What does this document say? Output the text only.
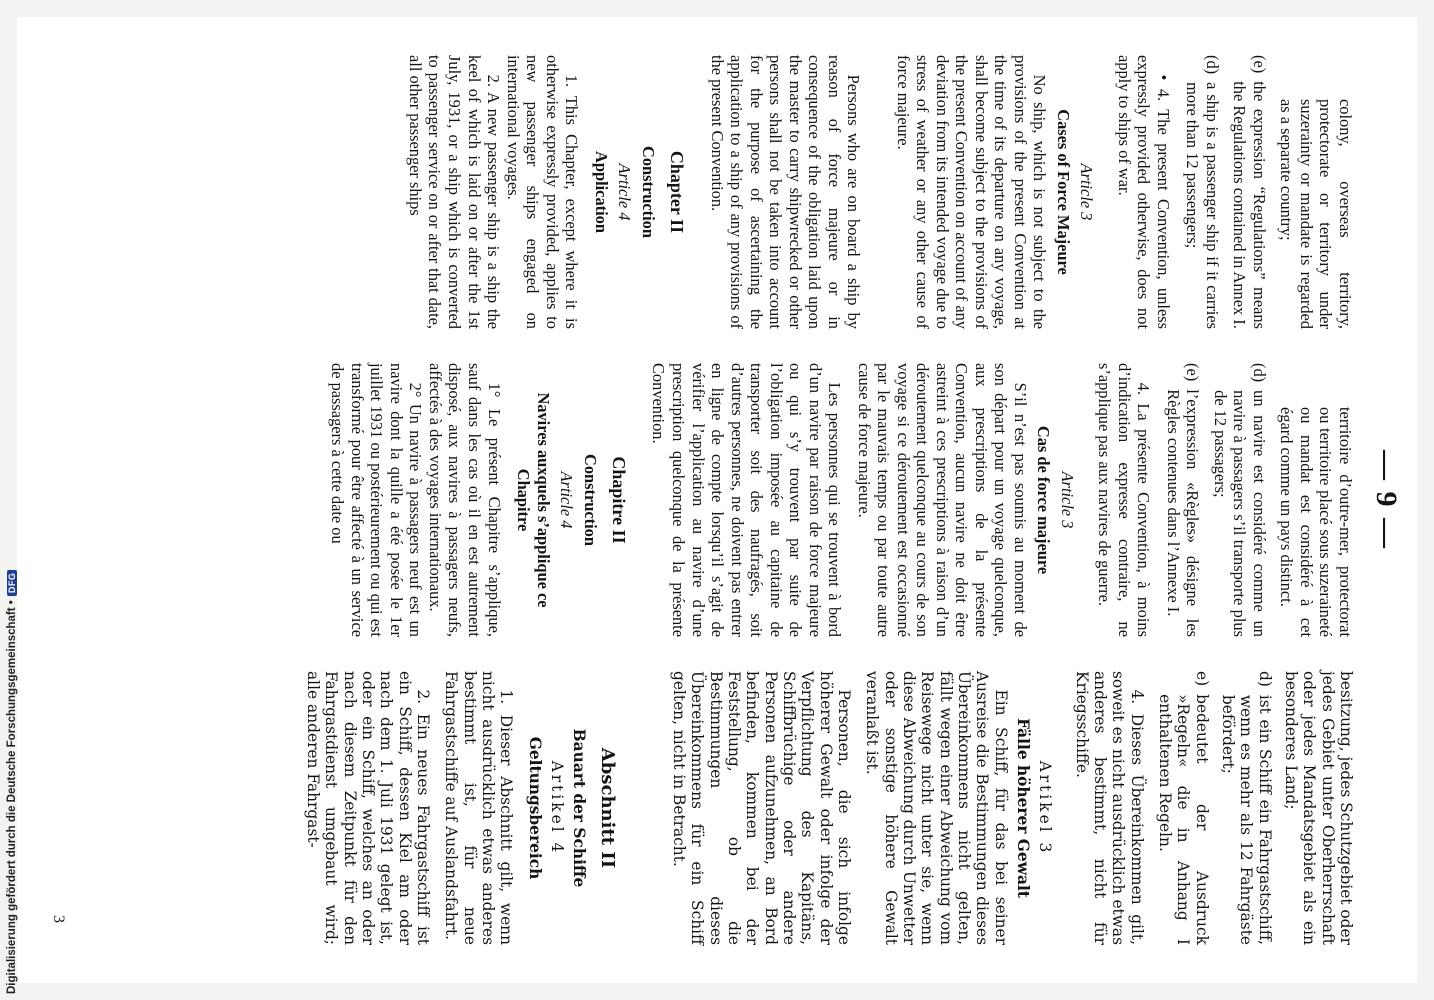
— 9 —

colony, overseas territory, protectorate or territory under suzerainty or mandate is regarded as a separate country;

(e)
the expression “Regulations” means the Regulations contained in Annex I.
(d)
a ship is a passenger ship if it carries more than 12 passengers;

• 4. The present Convention, unless expressly provided otherwise, does not apply to ships of war.

Article 3

Cases of Force Majeure

No ship, which is not subject to the provisions of the present Convention at the time of its departure on any voyage, shall become subject to the provisions of the present Convention on account of any deviation from its intended voyage due to stress of weather or any other cause of force majeure.

Persons who are on board a ship by reason of force majeure or in consequence of the obligation laid upon the master to carry shipwrecked or other persons shall not be taken into account for the purpose of ascertaining the application to a ship of any provisions of the present Convention.

Chapter II

Construction

Article 4

Application

1. This Chapter, except where it is otherwise expressly provided, applies to new passenger ships engaged on international voyages.

2. A new passenger ship is a ship the keel of which is laid on or after the 1st July, 1931, or a ship which is converted to passenger service on or after that date, all other passenger ships

territoire d’outre-mer, protectorat ou territoire placé sous suzeraineté ou mandat est considéré à cet égard comme un pays distinct.

(d)
un navire est considéré comme un navire à passagers s’il transporte plus de 12 passagers;
(e)
l’expression «Règles» désigne les Règles contenues dans l’Annexe I.

4. La présente Convention, à moins d’indication expresse contraire, ne s’applique pas aux navires de guerre.

Article 3

Cas de force majeure

S’il n’est pas soumis au moment de son départ pour un voyage quelconque, aux prescriptions de la présente Convention, aucun navire ne doit être astreint à ces prescriptions à raison d’un déroutement quelconque au cours de son voyage si ce déroutement est occasionné par le mauvais temps ou par toute autre cause de force majeure.

Les personnes qui se trouvent à bord d’un navire par raison de force majeure ou qui s’y trouvent par suite de l’obligation imposée au capitaine de transporter soit des naufragés, soit d’autres personnes, ne doivent pas entrer en ligne de compte lorsqu’il s’agit de vérifier l’application au navire d’une prescription quelconque de la présente Convention.

Chapitre II

Construction

Article 4

Navires auxquels s’applique ce Chapitre

1° Le présent Chapitre s’applique, sauf dans les cas où il en est autrement disposé, aux navires à passagers neufs, affectés à des voyages internationaux.

2° Un navire à passagers neuf est un navire dont la quille a été posée le 1er juillet 1931 ou postérieurement ou qui est transformé pour être affecté à un service de passagers à cette date ou

besitzung, jedes Schutzgebiet oder jedes Gebiet unter Oberherrschaft oder jedes Mandatsgebiet als ein besonderes Land;

d)
ist ein Schiff ein Fahrgastschiff, wenn es mehr als 12 Fahrgäste befördert;
e)
bedeutet der Ausdruck »Regeln« die in Anhang I enthaltenen Regeln.

4. Dieses Übereinkommen gilt, soweit es nicht ausdrücklich etwas anderes bestimmt, nicht für Kriegsschiffe.

Artikel 3

Fälle höherer Gewalt

Ein Schiff, für das bei seiner Ausreise die Bestimmungen dieses Übereinkommens nicht gelten, fällt wegen einer Abweichung vom Reisewege nicht unter sie, wenn diese Abweichung durch Unwetter oder sonstige höhere Gewalt veranlaßt ist.

Personen, die sich infolge höherer Gewalt oder infolge der Verpflichtung des Kapitäns, Schiffbrüchige oder andere Personen aufzunehmen, an Bord befinden, kommen bei der Feststellung, ob die Bestimmungen dieses Übereinkommens für ein Schiff gelten, nicht in Betracht.

Abschnitt II

Bauart der Schiffe

Artikel 4

Geltungsbereich

1. Dieser Abschnitt gilt, wenn nicht ausdrücklich etwas anderes bestimmt ist, für neue Fahrgastschiffe auf Auslandsfahrt.

2. Ein neues Fahrgastschiff ist ein Schiff, dessen Kiel am oder nach dem 1. Juli 1931 gelegt ist, oder ein Schiff, welches an oder nach diesem Zeitpunkt für den Fahrgastdienst umgebaut wird; alle anderen Fahrgast-

3
Digitalisierung gefördert durch die Deutsche Forschungsgemeinschaft •
DFG
